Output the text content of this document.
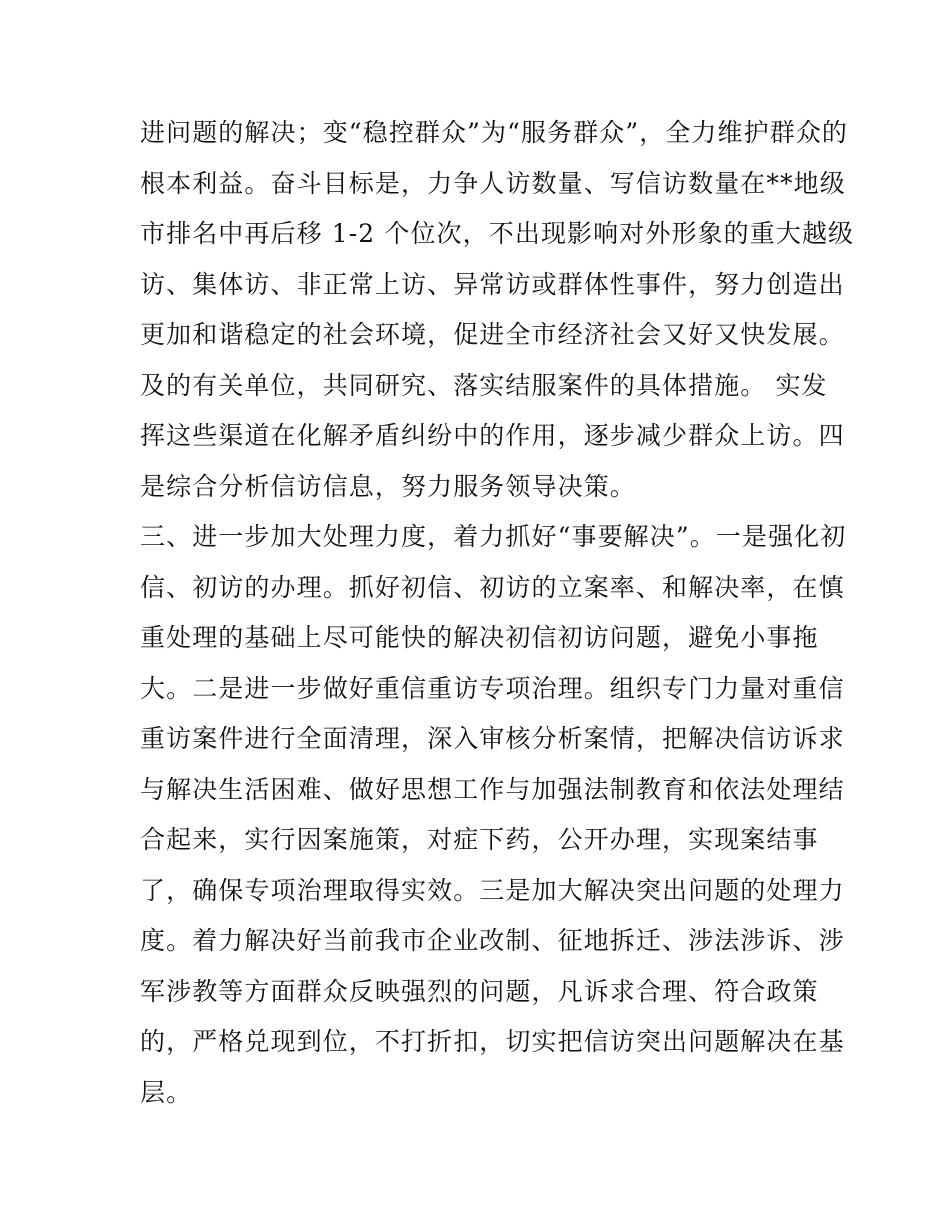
进问题的解决；变“稳控群众”为“服务群众”，全力维护群众的
根本利益。奋斗目标是，力争人访数量、写信访数量在**地级
市排名中再后移 1-2 个位次，不出现影响对外形象的重大越级
访、集体访、非正常上访、异常访或群体性事件，努力创造出
更加和谐稳定的社会环境，促进全市经济社会又好又快发展。
及的有关单位，共同研究、落实结服案件的具体措施。 实发
挥这些渠道在化解矛盾纠纷中的作用，逐步减少群众上访。四
是综合分析信访信息，努力服务领导决策。
三、进一步加大处理力度，着力抓好“事要解决”。一是强化初
信、初访的办理。抓好初信、初访的立案率、和解决率，在慎
重处理的基础上尽可能快的解决初信初访问题，避免小事拖
大。二是进一步做好重信重访专项治理。组织专门力量对重信
重访案件进行全面清理，深入审核分析案情，把解决信访诉求
与解决生活困难、做好思想工作与加强法制教育和依法处理结
合起来，实行因案施策，对症下药，公开办理，实现案结事
了，确保专项治理取得实效。三是加大解决突出问题的处理力
度。着力解决好当前我市企业改制、征地拆迁、涉法涉诉、涉
军涉教等方面群众反映强烈的问题，凡诉求合理、符合政策
的，严格兑现到位，不打折扣，切实把信访突出问题解决在基
层。
